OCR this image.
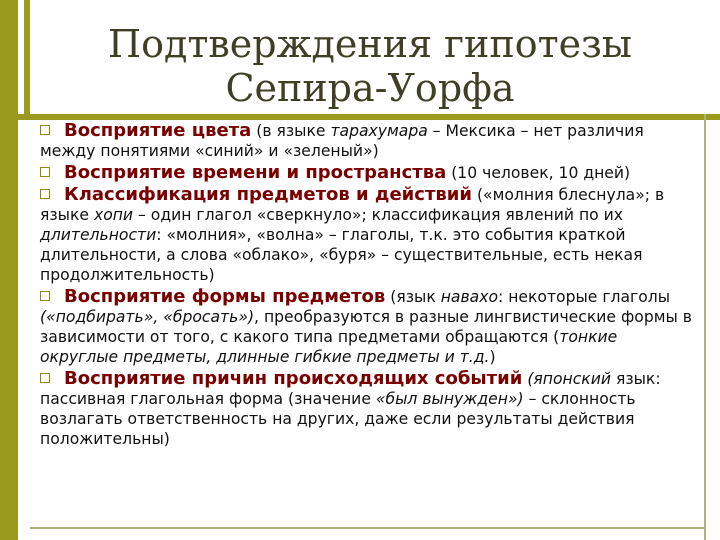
Подтверждения гипотезы
Сепира-Уорфа
Восприятие цвета (в языке тарахумара – Мексика – нет различия между понятиями «синий» и «зеленый»)
Восприятие времени и пространства (10 человек, 10 дней)
Классификация предметов и действий («молния блеснула»; в языке хопи – один глагол «сверкнуло»; классификация явлений по их длительности: «молния», «волна» – глаголы, т.к. это события краткой длительности, а слова «облако», «буря» – существительные, есть некая продолжительность)
Восприятие формы предметов (язык навахо: некоторые глаголы («подбирать», «бросать»), преобразуются в разные лингвистические формы в зависимости от того, с какого типа предметами обращаются (тонкие округлые предметы, длинные гибкие предметы и т.д.)
Восприятие причин происходящих событий (японский язык: пассивная глагольная форма (значение «был вынужден») – склонность возлагать ответственность на других, даже если результаты действия положительны)
